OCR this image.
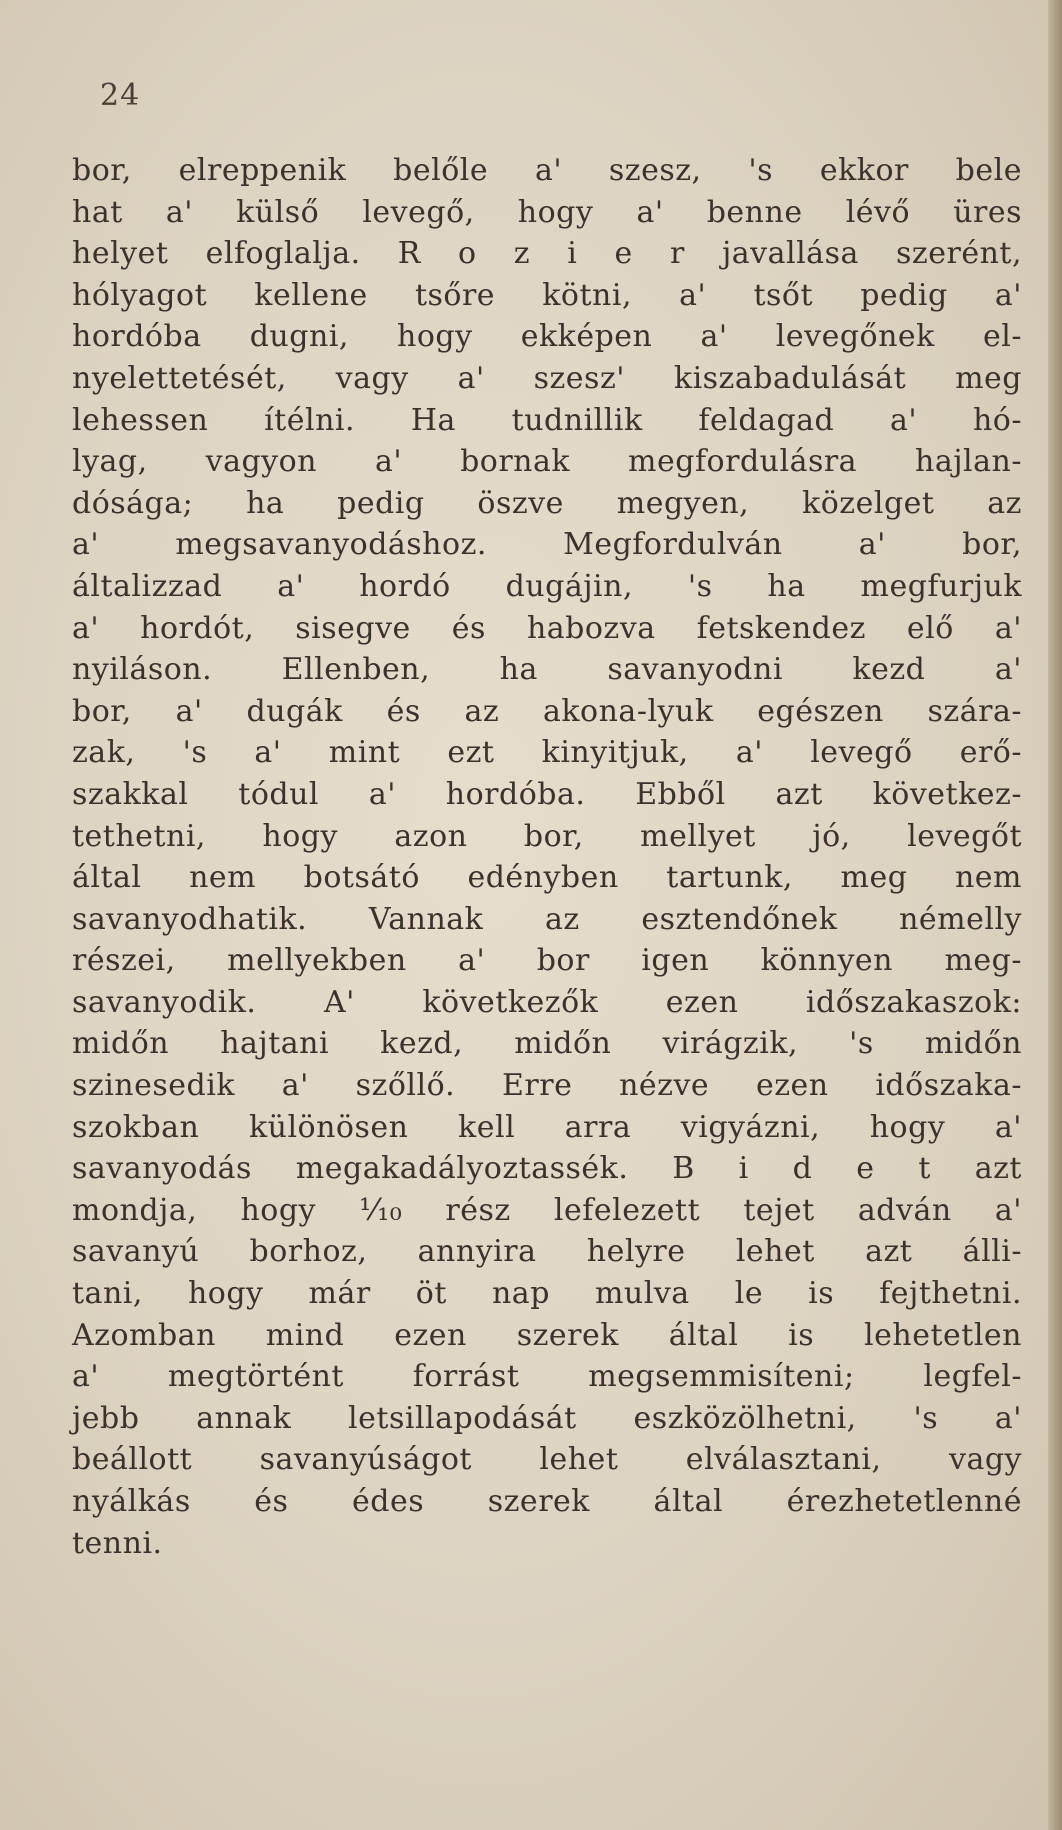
24
bor, elreppenik belőle a' szesz, 's ekkor bele
hat a' külső levegő, hogy a' benne lévő üres
helyet elfoglalja. R o z i e r javallása szerént,
hólyagot kellene tsőre kötni, a' tsőt pedig a'
hordóba dugni, hogy ekképen a' levegőnek el-
nyelettetését, vagy a' szesz' kiszabadulását meg
lehessen ítélni. Ha tudnillik feldagad a' hó-
lyag, vagyon a' bornak megfordulásra hajlan-
dósága; ha pedig öszve megyen, közelget az
a' megsavanyodáshoz. Megfordulván a' bor,
általizzad a' hordó dugájin, 's ha megfurjuk
a' hordót, sisegve és habozva fetskendez elő a'
nyiláson. Ellenben, ha savanyodni kezd a'
bor, a' dugák és az akona-lyuk egészen szára-
zak, 's a' mint ezt kinyitjuk, a' levegő erő-
szakkal tódul a' hordóba. Ebből azt következ-
tethetni, hogy azon bor, mellyet jó, levegőt
által nem botsátó edényben tartunk, meg nem
savanyodhatik. Vannak az esztendőnek némelly
részei, mellyekben a' bor igen könnyen meg-
savanyodik. A' következők ezen időszakaszok:
midőn hajtani kezd, midőn virágzik, 's midőn
szinesedik a' szőllő. Erre nézve ezen időszaka-
szokban különösen kell arra vigyázni, hogy a'
savanyodás megakadályoztassék. B i d e t azt
mondja, hogy ¹⁄₁₀ rész lefelezett tejet adván a'
savanyú borhoz, annyira helyre lehet azt álli-
tani, hogy már öt nap mulva le is fejthetni.
Azomban mind ezen szerek által is lehetetlen
a' megtörtént forrást megsemmisíteni; legfel-
jebb annak letsillapodását eszközölhetni, 's a'
beállott savanyúságot lehet elválasztani, vagy
nyálkás és édes szerek által érezhetetlenné
tenni.
